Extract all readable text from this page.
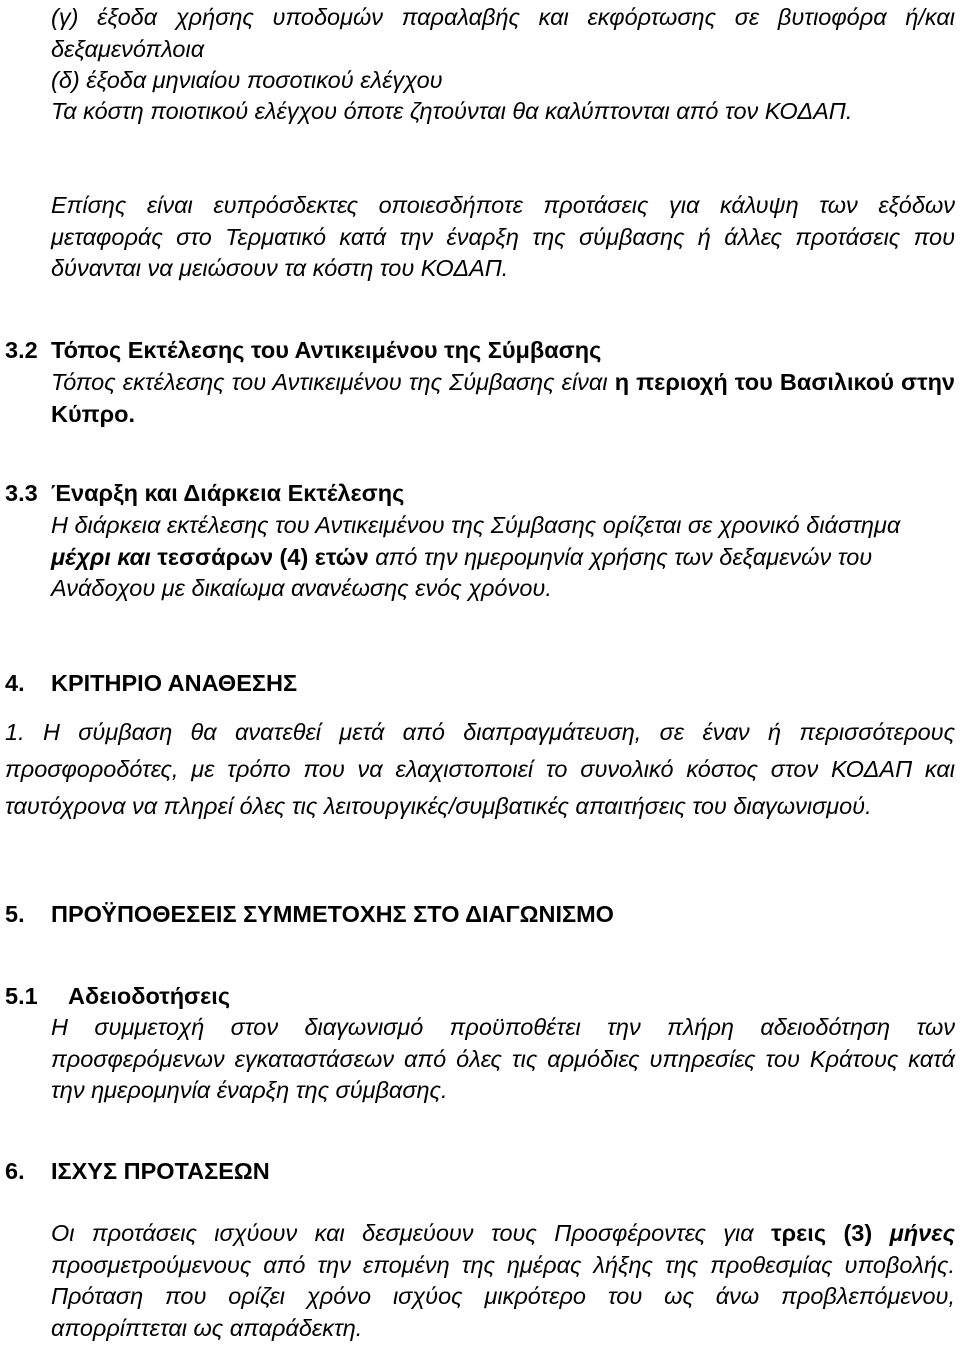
(γ) έξοδα χρήσης υποδομών παραλαβής και εκφόρτωσης σε βυτιοφόρα ή/και δεξαμενόπλοια
(δ) έξοδα μηνιαίου ποσοτικού ελέγχου
Τα κόστη ποιοτικού ελέγχου όποτε ζητούνται θα καλύπτονται από τον ΚΟΔΑΠ.
Επίσης είναι ευπρόσδεκτες οποιεσδήποτε προτάσεις για κάλυψη των εξόδων μεταφοράς στο Τερματικό κατά την έναρξη της σύμβασης ή άλλες προτάσεις που δύνανται να μειώσουν τα κόστη του ΚΟΔΑΠ.
3.2 Τόπος Εκτέλεσης του Αντικειμένου της Σύμβασης
Τόπος εκτέλεσης του Αντικειμένου της Σύμβασης είναι η περιοχή του Βασιλικού στην Κύπρο.
3.3 Έναρξη και Διάρκεια Εκτέλεσης
Η διάρκεια εκτέλεσης του Αντικειμένου της Σύμβασης ορίζεται σε χρονικό διάστημα μέχρι και τεσσάρων (4) ετών από την ημερομηνία χρήσης των δεξαμενών του Ανάδοχου με δικαίωμα ανανέωσης ενός χρόνου.
4. ΚΡΙΤΗΡΙΟ ΑΝΑΘΕΣΗΣ
1. Η σύμβαση θα ανατεθεί μετά από διαπραγμάτευση, σε έναν ή περισσότερους προσφοροδότες, με τρόπο που να ελαχιστοποιεί το συνολικό κόστος στον ΚΟΔΑΠ και ταυτόχρονα να πληρεί όλες τις λειτουργικές/συμβατικές απαιτήσεις του διαγωνισμού.
5. ΠΡΟΫΠΟΘΕΣΕΙΣ ΣΥΜΜΕΤΟΧΗΣ ΣΤΟ ΔΙΑΓΩΝΙΣΜΟ
5.1 Αδειοδοτήσεις
Η συμμετοχή στον διαγωνισμό προϋποθέτει την πλήρη αδειοδότηση των προσφερόμενων εγκαταστάσεων από όλες τις αρμόδιες υπηρεσίες του Κράτους κατά την ημερομηνία έναρξη της σύμβασης.
6. ΙΣΧΥΣ ΠΡΟΤΑΣΕΩΝ
Οι προτάσεις ισχύουν και δεσμεύουν τους Προσφέροντες για τρεις (3) μήνες προσμετρούμενους από την επομένη της ημέρας λήξης της προθεσμίας υποβολής. Πρόταση που ορίζει χρόνο ισχύος μικρότερο του ως άνω προβλεπόμενου, απορρίπτεται ως απαράδεκτη.
